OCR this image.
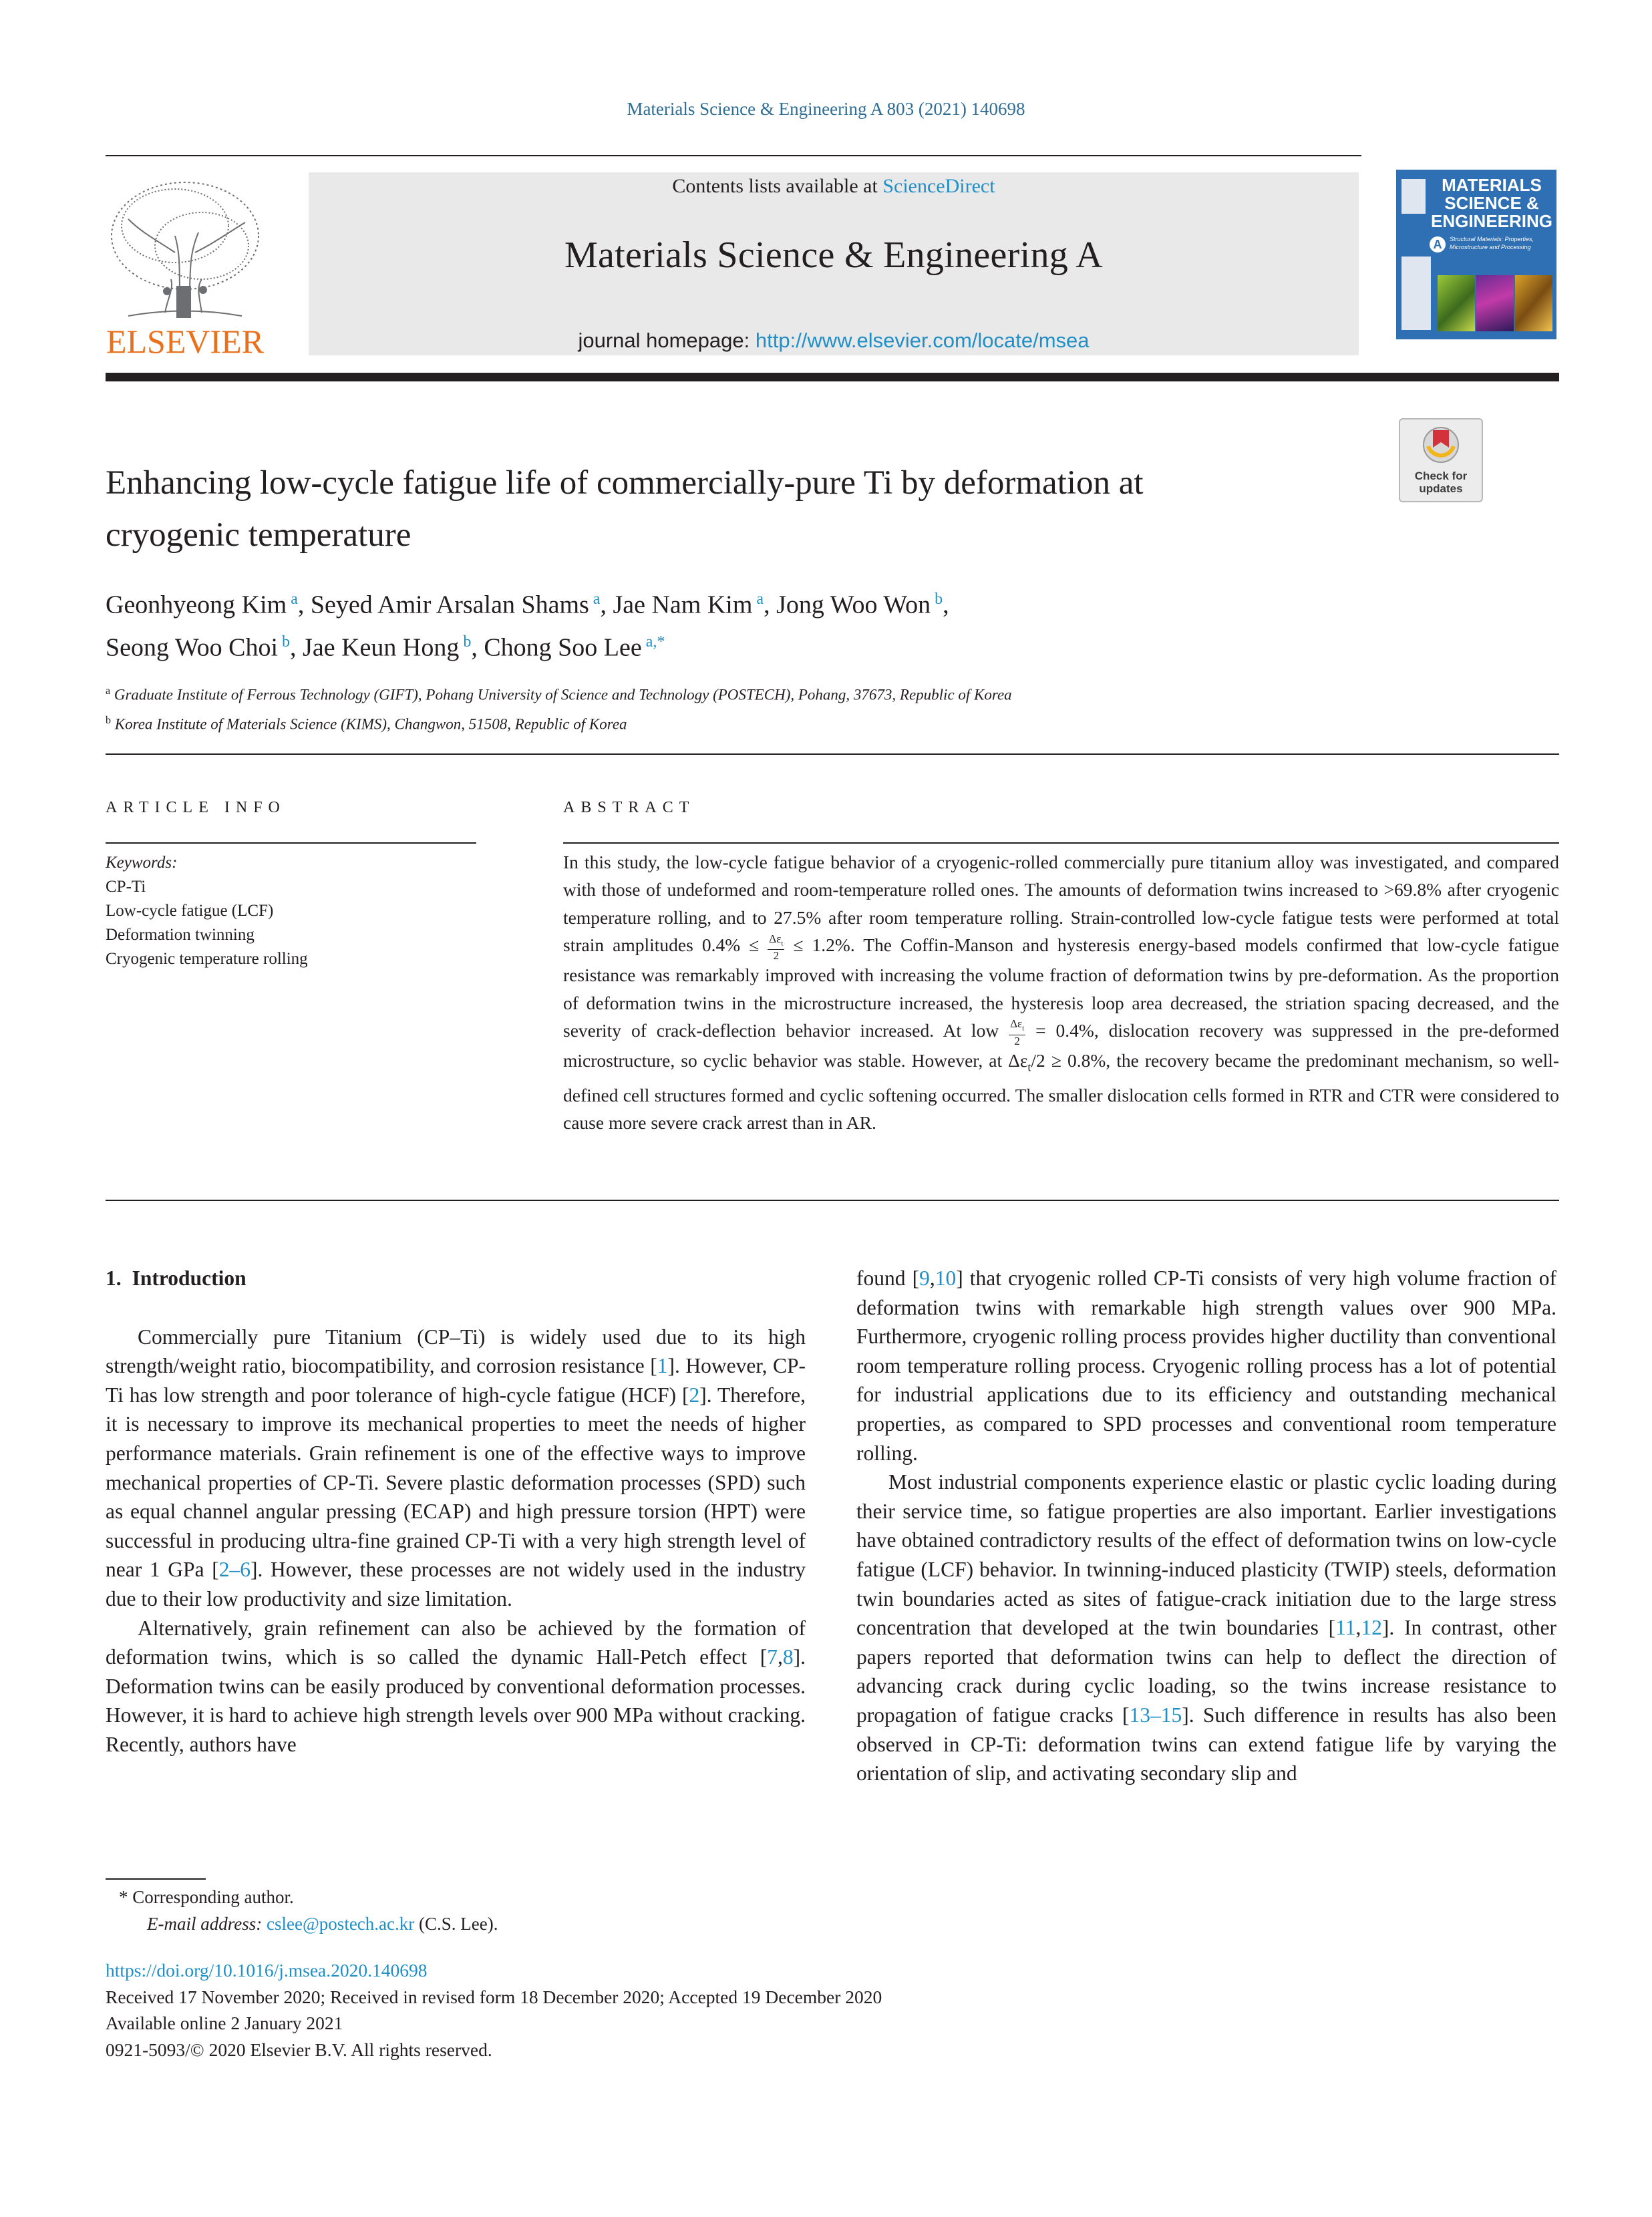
Materials Science & Engineering A 803 (2021) 140698
ELSEVIER
Contents lists available at ScienceDirect
Materials Science & Engineering A
journal homepage: http://www.elsevier.com/locate/msea
MATERIALS
SCIENCE &
ENGINEERING
A	Structural Materials: Properties, Microstructure and Processing
Check for
updates
Enhancing low-cycle fatigue life of commercially-pure Ti by deformation at
cryogenic temperature
Geonhyeong Kim $^a$, Seyed Amir Arsalan Shams $^a$, Jae Nam Kim $^a$, Jong Woo Won $^b$,
Seong Woo Choi $^b$, Jae Keun Hong $^b$, Chong Soo Lee $^{a,*}$
$^a$ Graduate Institute of Ferrous Technology (GIFT), Pohang University of Science and Technology (POSTECH), Pohang, 37673, Republic of Korea
$^b$ Korea Institute of Materials Science (KIMS), Changwon, 51508, Republic of Korea
ARTICLE INFO	ABSTRACT
Keywords:
CP-Ti
Low-cycle fatigue (LCF)
Deformation twinning
Cryogenic temperature rolling
In this study, the low-cycle fatigue behavior of a cryogenic-rolled commercially pure titanium alloy was investigated, and compared with those of undeformed and room-temperature rolled ones. The amounts of deformation twins increased to >69.8% after cryogenic temperature rolling, and to 27.5% after room temperature rolling. Strain-controlled low-cycle fatigue tests were performed at total strain amplitudes $0.4\% \le \Delta\varepsilon_t$
2
≤ 1.2%. The Coffin-Manson and hysteresis energy-based models confirmed that low-cycle fatigue resistance was remarkably improved with increasing the volume fraction of deformation twins by pre-deformation. As the proportion of deformation twins in the microstructure increased, the hysteresis loop area decreased, the striation spacing decreased, and the severity of crack-deflection behavior increased. At low $\Delta\varepsilon_t$
2
= 0.4%, dislocation recovery was suppressed in the pre-deformed microstructure, so cyclic behavior was stable. However, at $\Delta\varepsilon_t/2 \ge 0.8\%$, the recovery became the predominant mechanism, so well-defined cell structures formed and cyclic softening occurred. The smaller dislocation cells formed in RTR and CTR were considered to cause more severe crack arrest than in AR.
1. Introduction

Commercially pure Titanium (CP–Ti) is widely used due to its high strength/weight ratio, biocompatibility, and corrosion resistance [1]. However, CP-Ti has low strength and poor tolerance of high-cycle fatigue (HCF) [2]. Therefore, it is necessary to improve its mechanical properties to meet the needs of higher performance materials. Grain refinement is one of the effective ways to improve mechanical properties of CP-Ti. Severe plastic deformation processes (SPD) such as equal channel angular pressing (ECAP) and high pressure torsion (HPT) were successful in producing ultra-fine grained CP-Ti with a very high strength level of near 1 GPa [2–6]. However, these processes are not widely used in the industry due to their low productivity and size limitation.

Alternatively, grain refinement can also be achieved by the formation of deformation twins, which is so called the dynamic Hall-Petch effect [7,8]. Deformation twins can be easily produced by conventional deformation processes. However, it is hard to achieve high strength levels over 900 MPa without cracking. Recently, authors have

found [9,10] that cryogenic rolled CP-Ti consists of very high volume fraction of deformation twins with remarkable high strength values over 900 MPa. Furthermore, cryogenic rolling process provides higher ductility than conventional room temperature rolling process. Cryogenic rolling process has a lot of potential for industrial applications due to its efficiency and outstanding mechanical properties, as compared to SPD processes and conventional room temperature rolling.

Most industrial components experience elastic or plastic cyclic loading during their service time, so fatigue properties are also important. Earlier investigations have obtained contradictory results of the effect of deformation twins on low-cycle fatigue (LCF) behavior. In twinning-induced plasticity (TWIP) steels, deformation twin boundaries acted as sites of fatigue-crack initiation due to the large stress concentration that developed at the twin boundaries [11,12]. In contrast, other papers reported that deformation twins can help to deflect the direction of advancing crack during cyclic loading, so the twins increase resistance to propagation of fatigue cracks [13–15]. Such difference in results has also been observed in CP-Ti: deformation twins can extend fatigue life by varying the orientation of slip, and activating secondary slip and

* Corresponding author.
E-mail address: cslee@postech.ac.kr (C.S. Lee).
https://doi.org/10.1016/j.msea.2020.140698
Received 17 November 2020; Received in revised form 18 December 2020; Accepted 19 December 2020
Available online 2 January 2021
0921-5093/© 2020 Elsevier B.V. All rights reserved.
